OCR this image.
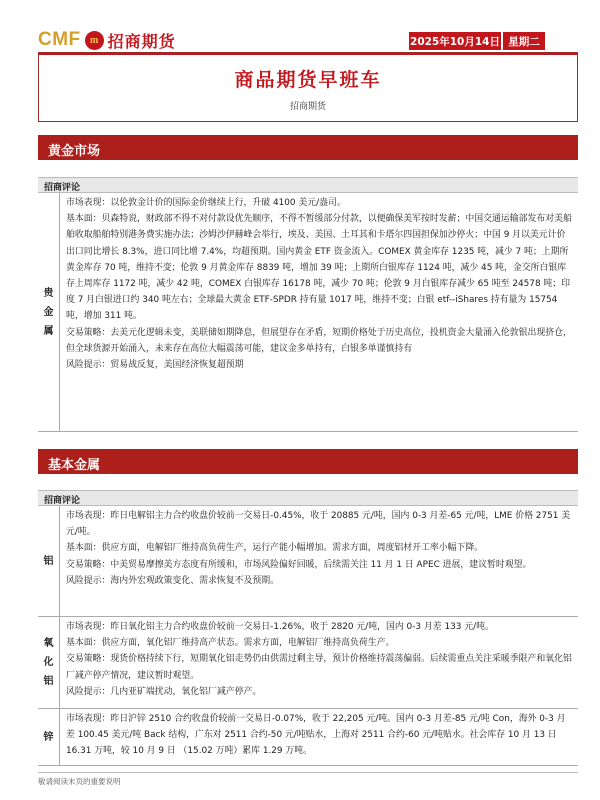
CMF m 招商期货	2025年10月14日 星期二
商品期货早班车
招商期货
黄金市场
招商评论
贵金属

市场表现：以伦敦金计价的国际金价继续上行，升破 4100 美元/盎司。

基本面：贝森特说，财政部不得不对付款设优先顺序，不得不暂缓部分付款，以便确保美军按时发薪；中国交通运输部发布对美船舶收取船舶特别港务费实施办法；沙姆沙伊赫峰会举行，埃及、美国、土耳其和卡塔尔四国担保加沙停火；中国 9 月以美元计价出口同比增长 8.3%，进口同比增 7.4%，均超预期。国内黄金 ETF 资金流入。COMEX 黄金库存 1235 吨，减少 7 吨；上期所黄金库存 70 吨，维持不变；伦敦 9 月黄金库存 8839 吨，增加 39 吨；上期所白银库存 1124 吨，减少 45 吨，金交所白银库存上周库存 1172 吨，减少 42 吨，COMEX 白银库存 16178 吨，减少 70 吨；伦敦 9 月白银库存减少 65 吨至 24578 吨；印度 7 月白银进口约 340 吨左右；全球最大黄金 ETF-SPDR 持有量 1017 吨，维持不变；白银 etf--iShares 持有量为 15754 吨，增加 311 吨。

交易策略：去美元化逻辑未变，美联储如期降息，但展望存在矛盾，短期价格处于历史高位，投机资金大量涌入伦敦银出现挤仓，但全球货源开始涌入，未来存在高位大幅震荡可能，建议金多单持有，白银多单谨慎持有

风险提示：贸易战反复，美国经济恢复超预期

基本金属
招商评论
铝

市场表现：昨日电解铝主力合约收盘价较前一交易日-0.45%，收于 20885 元/吨，国内 0-3 月差-65 元/吨，LME 价格 2751 美元/吨。

基本面：供应方面，电解铝厂维持高负荷生产，运行产能小幅增加。需求方面，周度铝材开工率小幅下降。

交易策略：中美贸易摩擦美方态度有所缓和，市场风险偏好回暖，后续需关注 11 月 1 日 APEC 进展，建议暂时观望。

风险提示：海内外宏观政策变化、需求恢复不及预期。

氧化铝

市场表现：昨日氧化铝主力合约收盘价较前一交易日-1.26%，收于 2820 元/吨，国内 0-3 月差 133 元/吨。

基本面：供应方面，氧化铝厂维持高产状态。需求方面，电解铝厂维持高负荷生产。

交易策略：现货价格持续下行，短期氧化铝走势仍由供需过剩主导，预计价格维持震荡偏弱。后续需重点关注采暖季限产和氧化铝厂减产停产情况，建议暂时观望。

风险提示：几内亚矿端扰动，氧化铝厂减产停产。

锌

市场表现：昨日沪锌 2510 合约收盘价较前一交易日-0.07%，收于 22,205 元/吨。国内 0-3 月差-85 元/吨 Con，海外 0-3 月差 100.45 美元/吨 Back 结构，广东对 2511 合约-50 元/吨贴水，上海对 2511 合约-60 元/吨贴水。社会库存 10 月 13 日 16.31 万吨，较 10 月 9 日 （15.02 万吨）累库 1.29 万吨。

敬请阅读末页的重要说明
